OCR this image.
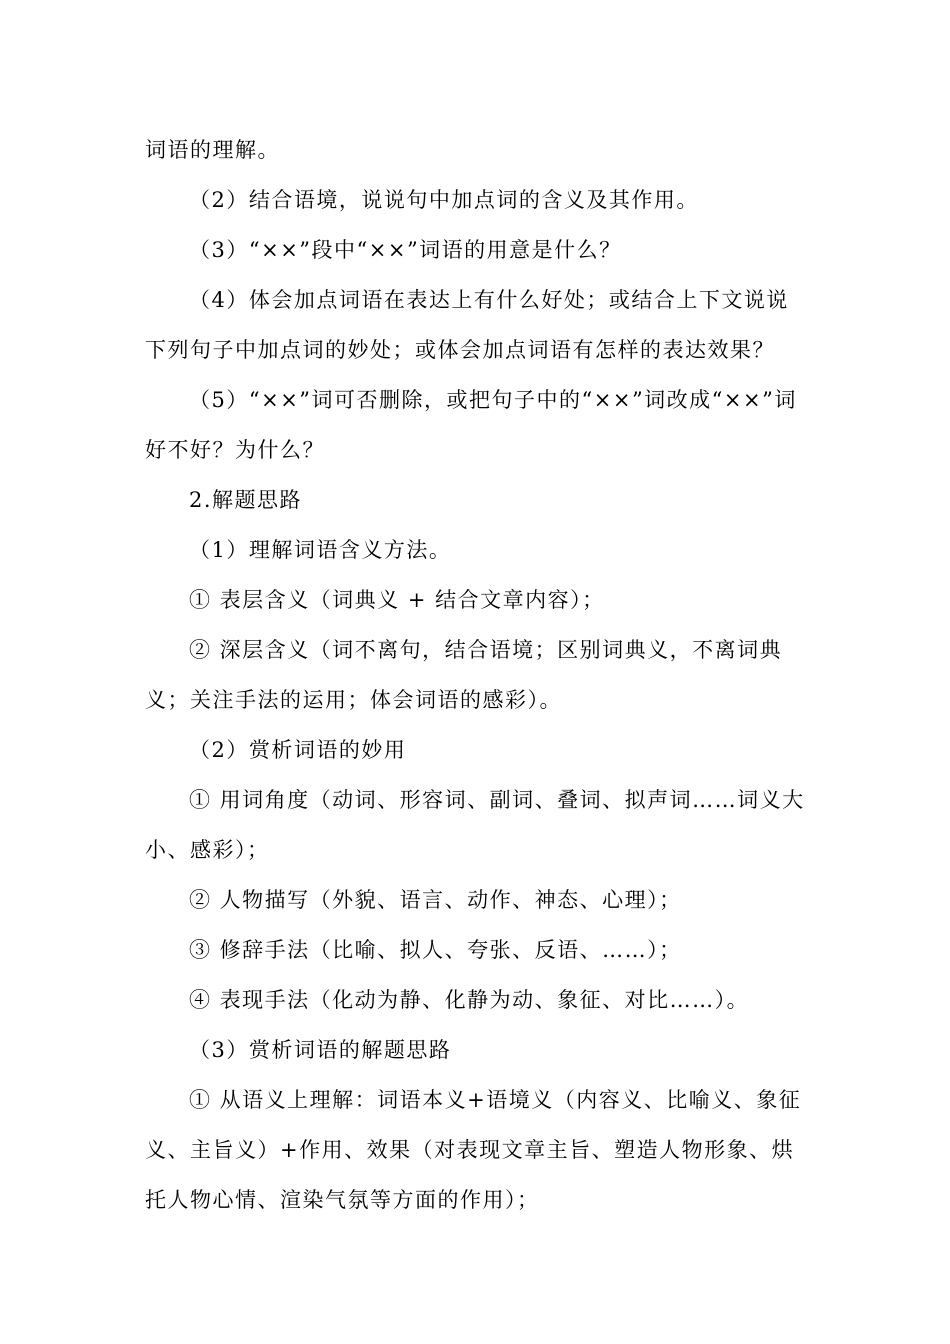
词语的理解。

（2）结合语境，说说句中加点词的含义及其作用。

（3）“××”段中“××”词语的用意是什么？

（4）体会加点词语在表达上有什么好处；或结合上下文说说下列句子中加点词的妙处；或体会加点词语有怎样的表达效果？

（5）“××”词可否删除，或把句子中的“××”词改成“××”词好不好？为什么？

2.解题思路

（1）理解词语含义方法。

① 表层含义（词典义 + 结合文章内容）；

② 深层含义（词不离句，结合语境；区别词典义，不离词典义；关注手法的运用；体会词语的感彩）。

（2）赏析词语的妙用

① 用词角度（动词、形容词、副词、叠词、拟声词……词义大小、感彩）；

② 人物描写（外貌、语言、动作、神态、心理）；

③ 修辞手法（比喻、拟人、夸张、反语、……）；

④ 表现手法（化动为静、化静为动、象征、对比……）。

（3）赏析词语的解题思路

① 从语义上理解：词语本义+语境义（内容义、比喻义、象征义、主旨义）+作用、效果（对表现文章主旨、塑造人物形象、烘托人物心情、渲染气氛等方面的作用）；
